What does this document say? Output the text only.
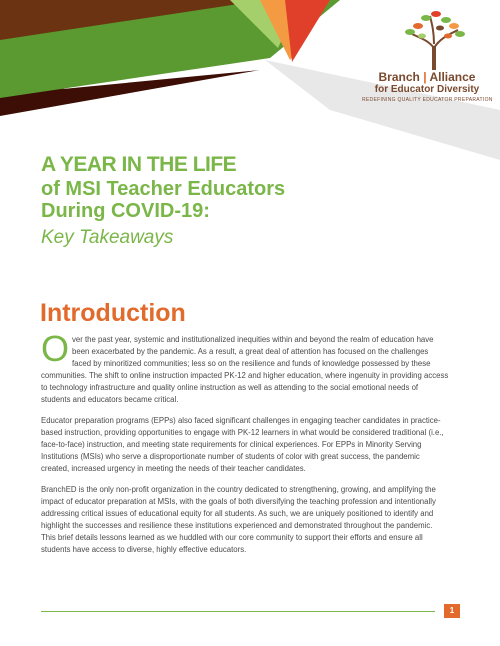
Branch | Alliance
for Educator Diversity
REDEFINING QUALITY EDUCATOR PREPARATION
A YEAR IN THE LIFE
of MSI Teacher Educators
During COVID-19:
Key Takeaways
Introduction

Over the past year, systemic and institutionalized inequities within and beyond the realm of education have been exacerbated by the pandemic. As a result, a great deal of attention has focused on the challenges faced by minoritized communities; less so on the resilience and funds of knowledge possessed by these communities. The shift to online instruction impacted PK-12 and higher education, where ingenuity in providing access to technology infrastructure and quality online instruction as well as attending to the social emotional needs of students and educators became critical.

Educator preparation programs (EPPs) also faced significant challenges in engaging teacher candidates in practice-based instruction, providing opportunities to engage with PK-12 learners in what would be considered traditional (i.e., face-to-face) instruction, and meeting state requirements for clinical experiences. For EPPs in Minority Serving Institutions (MSIs) who serve a disproportionate number of students of color with great success, the pandemic created, increased urgency in meeting the needs of their teacher candidates.

BranchED is the only non-profit organization in the country dedicated to strengthening, growing, and amplifying the impact of educator preparation at MSIs, with the goals of both diversifying the teaching profession and intentionally addressing critical issues of educational equity for all students. As such, we are uniquely positioned to identify and highlight the successes and resilience these institutions experienced and demonstrated throughout the pandemic. This brief details lessons learned as we huddled with our core community to support their efforts and ensure all students have access to diverse, highly effective educators.

1
